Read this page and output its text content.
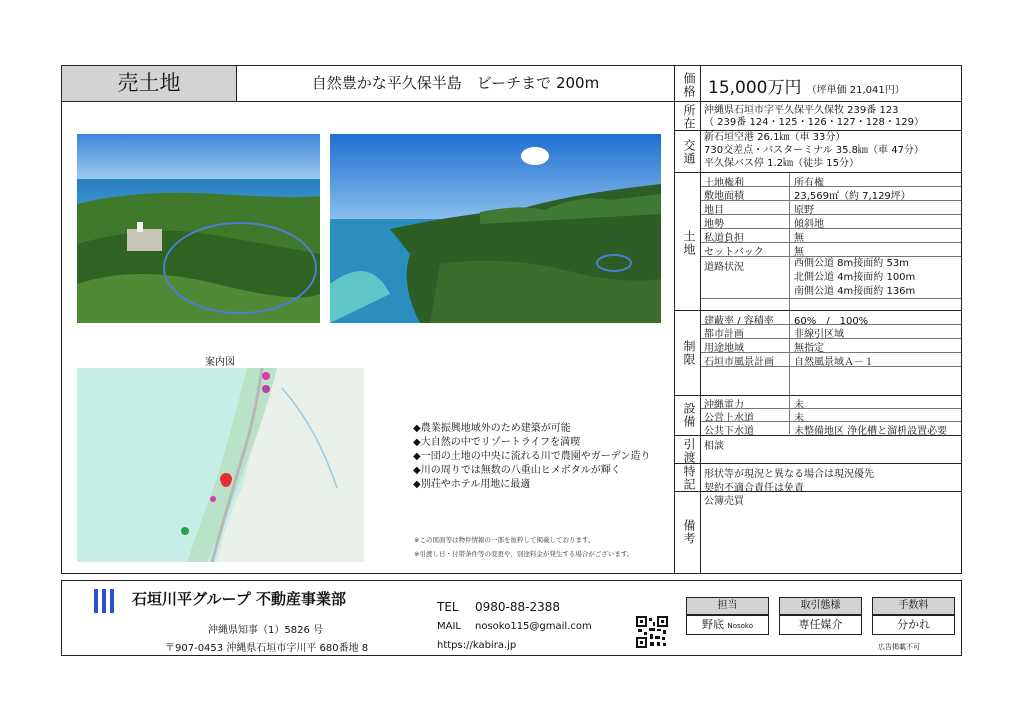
売土地	自然豊かな平久保半島　ビーチまで 200m	価格 15,000万円 （坪単価 21,041円）
案内図
◆農業振興地域外のため建築が可能
◆大自然の中でリゾートライフを満喫
◆一団の土地の中央に流れる川で農園やガーデン造り
◆川の周りでは無数の八重山ヒメボタルが輝く
◆別荘やホテル用地に最適
※この図面等は物件情報の一部を抜粋して掲載しております。
※引渡し日・付帯条件等の変更や、別途料金が発生する場合がございます。
所在 沖縄県石垣市字平久保平久保牧 239番 123
（ 239番 124・125・126・127・128・129）
交通
新石垣空港 26.1㎞（車 33分）
730交差点・バスターミナル 35.8㎞（車 47分）
平久保バス停 1.2㎞（徒歩 15分）
土地
土地権利	所有権
敷地面積	23,569㎡（約 7,129坪）
地目	原野
地勢	傾斜地
私道負担	無
セットバック	無
道路状況	西側公道 8m接面約 53m
北側公道 4m接面約 100m
南側公道 4m接面約 136m
制限
建蔽率 / 容積率 60%　/　100%
都市計画	非線引区域
用途地域	無指定
石垣市風景計画 自然風景域Ａ－１
設備 沖縄電力	未
公営上水道	未
公共下水道	未整備地区 浄化槽と溜枡設置必要
引渡 相談
特記 形状等が現況と異なる場合は現況優先
契約不適合責任は免責
備考
公簿売買
石垣川平グループ 不動産事業部
沖縄県知事（1）5826 号
〒907-0453 沖縄県石垣市字川平 680番地 8
TEL 0980-88-2388
MAIL nosoko115@gmail.com
https://kabira.jp
担当
野底 Nosoko
取引態様
専任媒介
手数料
分かれ
広告掲載不可
